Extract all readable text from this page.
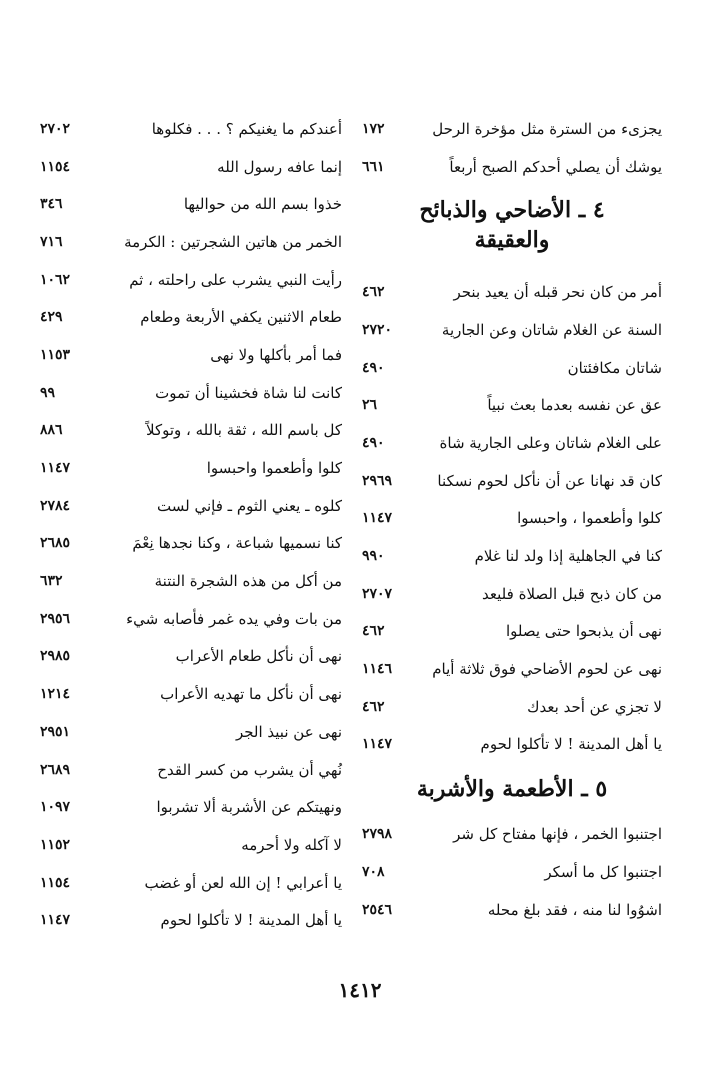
يجزىء من السترة مثل مؤخرة الرحل
١٧٢
يوشك أن يصلي أحدكم الصبح أربعاً
٦٦١
٤ ـ الأضاحي والذبائح
والعقيقة
أمر من كان نحر قبله أن يعيد بنحر
٤٦٢
السنة عن الغلام شاتان وعن الجارية
٢٧٢٠
شاتان مكافئتان
٤٩٠
عق عن نفسه بعدما بعث نبياً
٢٦
على الغلام شاتان وعلى الجارية شاة
٤٩٠
كان قد نهانا عن أن نأكل لحوم نسكنا
٢٩٦٩
كلوا وأطعموا ، واحبسوا
١١٤٧
كنا في الجاهلية إذا ولد لنا غلام
٩٩٠
من كان ذبح قبل الصلاة فليعد
٢٧٠٧
نهى أن يذبحوا حتى يصلوا
٤٦٢
نهى عن لحوم الأضاحي فوق ثلاثة أيام
١١٤٦
لا تجزي عن أحد بعدك
٤٦٢
يا أهل المدينة ! لا تأكلوا لحوم
١١٤٧
٥ ـ الأطعمة والأشربة
اجتنبوا الخمر ، فإنها مفتاح كل شر
٢٧٩٨
اجتنبوا كل ما أسكر
٧٠٨
اشوُوا لنا منه ، فقد بلغ محله
٢٥٤٦
أعندكم ما يغنيكم ؟ . . . فكلوها
٢٧٠٢
إنما عافه رسول الله
١١٥٤
خذوا بسم الله من حواليها
٣٤٦
الخمر من هاتين الشجرتين : الكرمة
٧١٦
رأيت النبي يشرب على راحلته ، ثم
١٠٦٢
طعام الاثنين يكفي الأربعة وطعام
٤٢٩
فما أمر بأكلها ولا نهى
١١٥٣
كانت لنا شاة فخشينا أن تموت
٩٩
كل باسم الله ، ثقة بالله ، وتوكلاً
٨٨٦
كلوا وأطعموا واحبسوا
١١٤٧
كلوه ـ يعني الثوم ـ فإني لست
٢٧٨٤
كنا نسميها شباعة ، وكنا نجدها نِعْمَ
٢٦٨٥
من أكل من هذه الشجرة النتنة
٦٣٢
من بات وفي يده غمر فأصابه شيء
٢٩٥٦
نهى أن نأكل طعام الأعراب
٢٩٨٥
نهى أن نأكل ما تهديه الأعراب
١٢١٤
نهى عن نبيذ الجر
٢٩٥١
نُهي أن يشرب من كسر القدح
٢٦٨٩
ونهيتكم عن الأشربة ألا تشربوا
١٠٩٧
لا آكله ولا أحرمه
١١٥٢
يا أعرابي ! إن الله لعن أو غضب
١١٥٤
يا أهل المدينة ! لا تأكلوا لحوم
١١٤٧
١٤١٢
